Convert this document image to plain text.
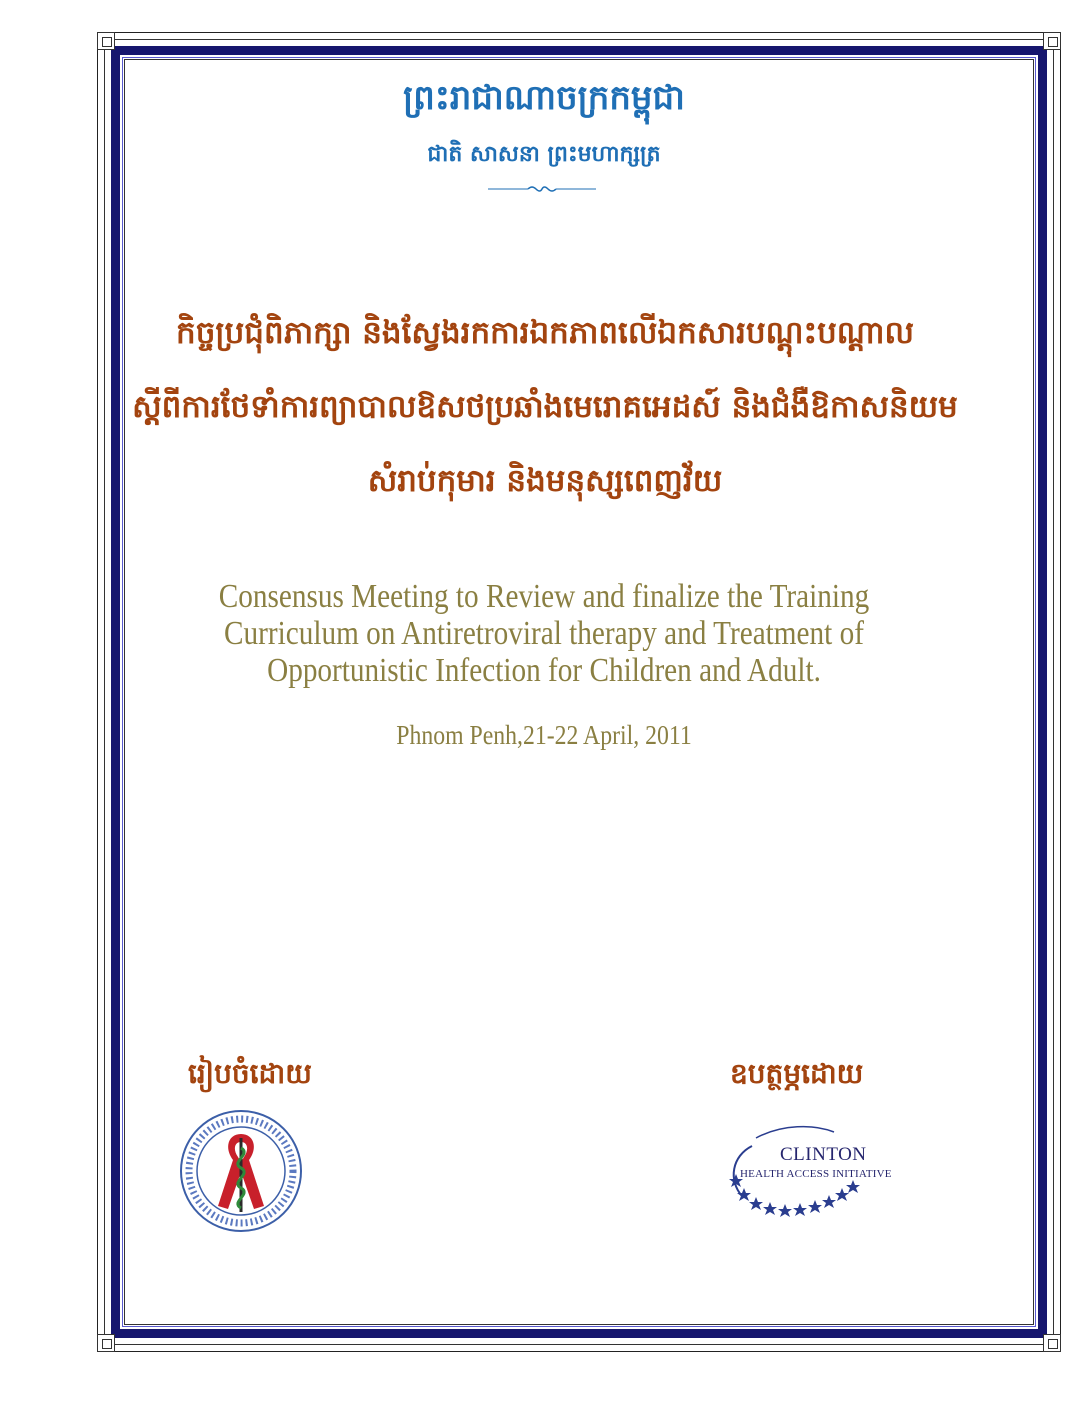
ព្រះរាជាណាចក្រកម្ពុជា
ជាតិ សាសនា ព្រះមហាក្សត្រ
កិច្ចប្រជុំពិភាក្សា និងស្វែងរកការឯកភាពលើឯកសារបណ្តុះបណ្តាល
ស្តីពីការថែទាំការព្យាបាលឱសថប្រឆាំងមេរោគអេដស៍ និងជំងឺឱកាសនិយម
សំរាប់កុមារ និងមនុស្សពេញវ័យ
Consensus Meeting to Review and finalize the Training
Curriculum on Antiretroviral therapy and Treatment of
Opportunistic Infection for Children and Adult.
Phnom Penh,21-22 April, 2011
រៀបចំដោយ	ឧបត្ថម្ភដោយ
CLINTON
HEALTH ACCESS INITIATIVE
